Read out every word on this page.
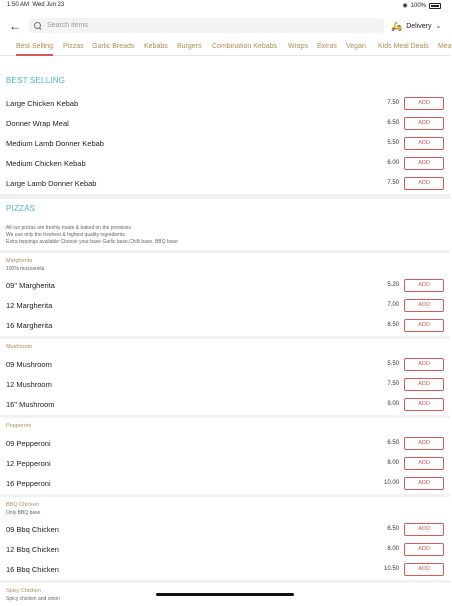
1:50 AM Wed Jun 23	◉ 100%
←
Search items	🛵 Delivery ⌄
Best Selling Pizzas Garlic Breads Kebabs Burgers Combination Kebabs Wraps Extras Vegan Kids Meal Deals Mea
BEST SELLING
Large Chicken Kebab	7.50	ADD
Donner Wrap Meal	6.50	ADD
Medium Lamb Donner Kebab	5.50	ADD
Medium Chicken Kebab	6.00	ADD
Large Lamb Donner Kebab	7.50	ADD
PIZZAS
All our pizzas are freshly made & baked on the premises
We use only the freshest & highest quality ingredients
Extra toppings available Choose your base Garlic base,Chilli base, BBQ base
Margherita
100% mozzarella
09" Margherita	5.20	ADD
12 Margherita	7.00	ADD
16 Margherita	8.50	ADD
Mushroom
09 Mushroom	5.50	ADD
12 Mushroom	7.50	ADD
16" Mushroom	9.00	ADD
Pepperoni
09 Pepperoni	6.50	ADD
12 Pepperoni	8.00	ADD
16 Pepperoni	10.00	ADD
BBQ Chicken
Only BBQ base
09 Bbq Chicken	6.50	ADD
12 Bbq Chicken	8.00	ADD
16 Bbq Chicken	10.50	ADD
Spicy Chicken
Spicy chicken and onion
